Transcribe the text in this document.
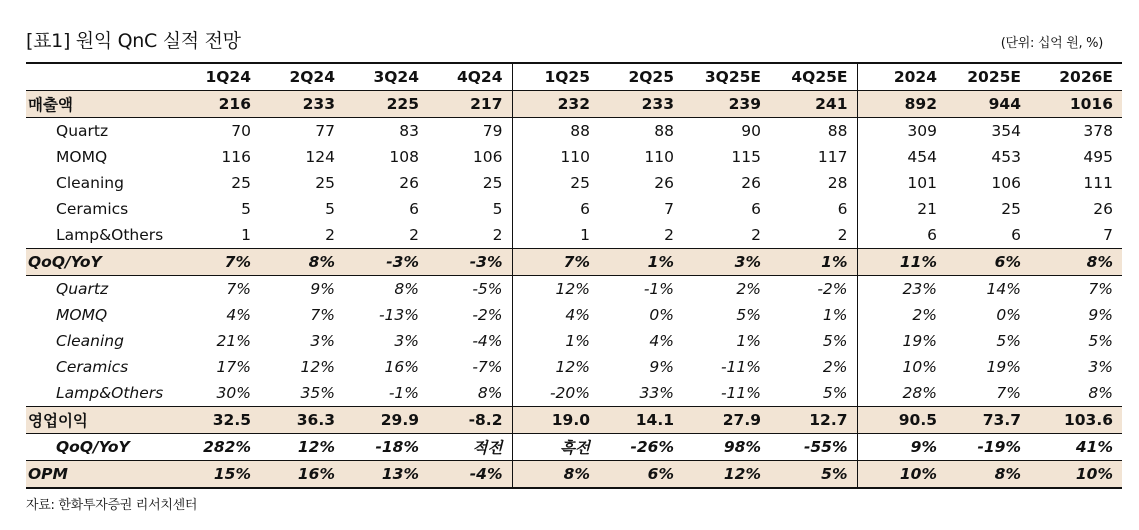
[표1] 원익 QnC 실적 전망	(단위: 십억 원, %)
	1Q24	2Q24	3Q24	4Q24	1Q25	2Q25	3Q25E	4Q25E	2024	2025E	2026E
매출액	216	233	225	217	232	233	239	241	892	944	1016
Quartz	70	77	83	79	88	88	90	88	309	354	378
MOMQ	116	124	108	106	110	110	115	117	454	453	495
Cleaning	25	25	26	25	25	26	26	28	101	106	111
Ceramics	5	5	6	5	6	7	6	6	21	25	26
Lamp&Others	1	2	2	2	1	2	2	2	6	6	7
QoQ/YoY	7%	8%	-3%	-3%	7%	1%	3%	1%	11%	6%	8%
Quartz	7%	9%	8%	-5%	12%	-1%	2%	-2%	23%	14%	7%
MOMQ	4%	7%	-13%	-2%	4%	0%	5%	1%	2%	0%	9%
Cleaning	21%	3%	3%	-4%	1%	4%	1%	5%	19%	5%	5%
Ceramics	17%	12%	16%	-7%	12%	9%	-11%	2%	10%	19%	3%
Lamp&Others	30%	35%	-1%	8%	-20%	33%	-11%	5%	28%	7%	8%
영업이익	32.5	36.3	29.9	-8.2	19.0	14.1	27.9	12.7	90.5	73.7	103.6
QoQ/YoY	282%	12%	-18%	적전	흑전	-26%	98%	-55%	9%	-19%	41%
OPM	15%	16%	13%	-4%	8%	6%	12%	5%	10%	8%	10%
자료: 한화투자증권 리서치센터
